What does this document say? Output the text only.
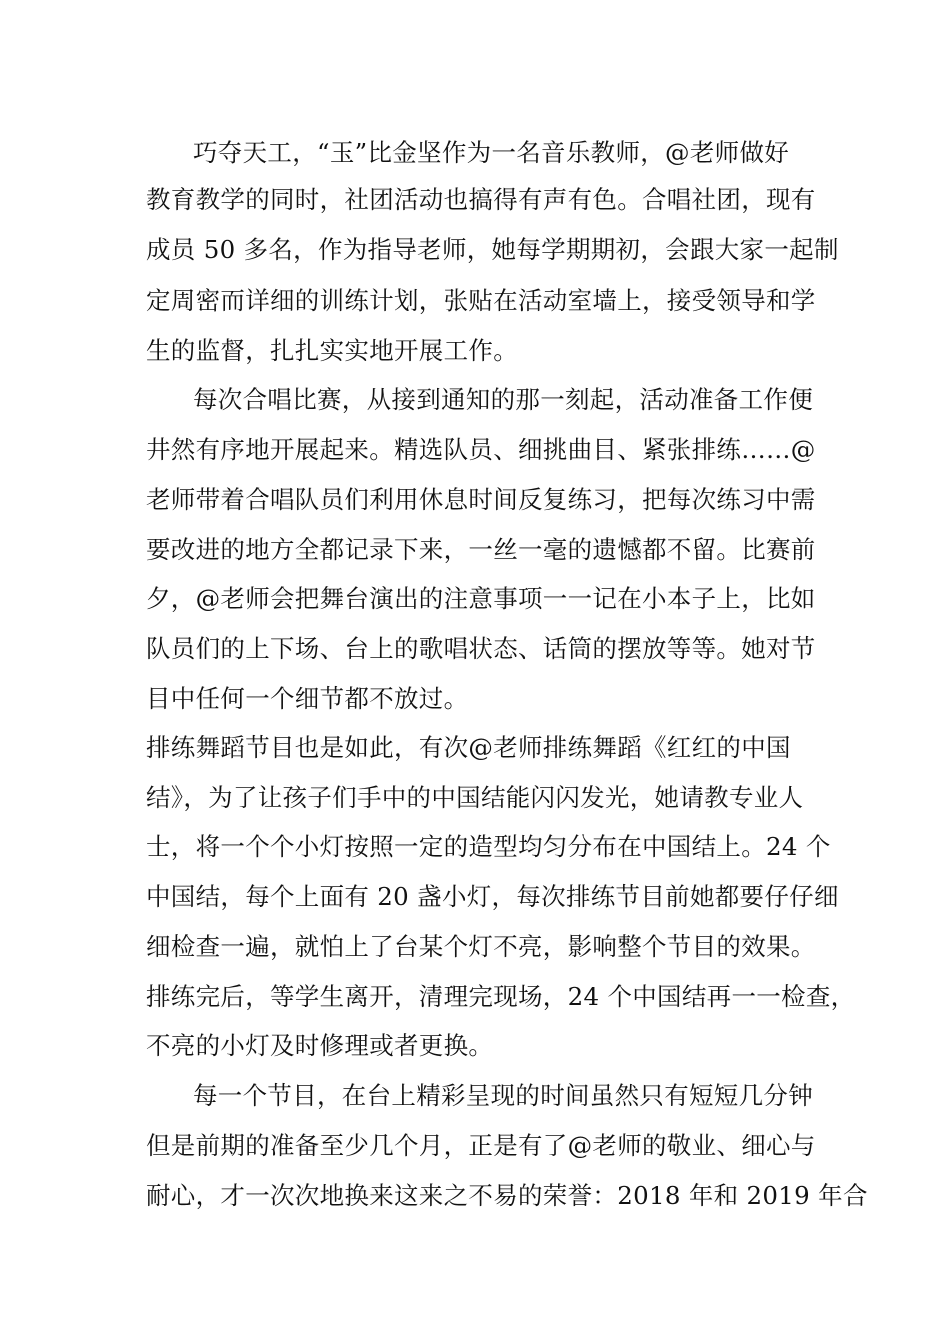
巧夺天工，“玉”比金坚作为一名音乐教师，@老师做好
教育教学的同时，社团活动也搞得有声有色。合唱社团，现有
成员 50 多名，作为指导老师，她每学期期初，会跟大家一起制
定周密而详细的训练计划，张贴在活动室墙上，接受领导和学
生的监督，扎扎实实地开展工作。
每次合唱比赛，从接到通知的那一刻起，活动准备工作便
井然有序地开展起来。精选队员、细挑曲目、紧张排练……@
老师带着合唱队员们利用休息时间反复练习，把每次练习中需
要改进的地方全都记录下来，一丝一毫的遗憾都不留。比赛前
夕，@老师会把舞台演出的注意事项一一记在小本子上，比如
队员们的上下场、台上的歌唱状态、话筒的摆放等等。她对节
目中任何一个细节都不放过。
排练舞蹈节目也是如此，有次@老师排练舞蹈《红红的中国
结》，为了让孩子们手中的中国结能闪闪发光，她请教专业人
士，将一个个小灯按照一定的造型均匀分布在中国结上。24 个
中国结，每个上面有 20 盏小灯，每次排练节目前她都要仔仔细
细检查一遍，就怕上了台某个灯不亮，影响整个节目的效果。
排练完后，等学生离开，清理完现场，24 个中国结再一一检查，
不亮的小灯及时修理或者更换。
每一个节目，在台上精彩呈现的时间虽然只有短短几分钟
但是前期的准备至少几个月，正是有了@老师的敬业、细心与
耐心，才一次次地换来这来之不易的荣誉：2018 年和 2019 年合
